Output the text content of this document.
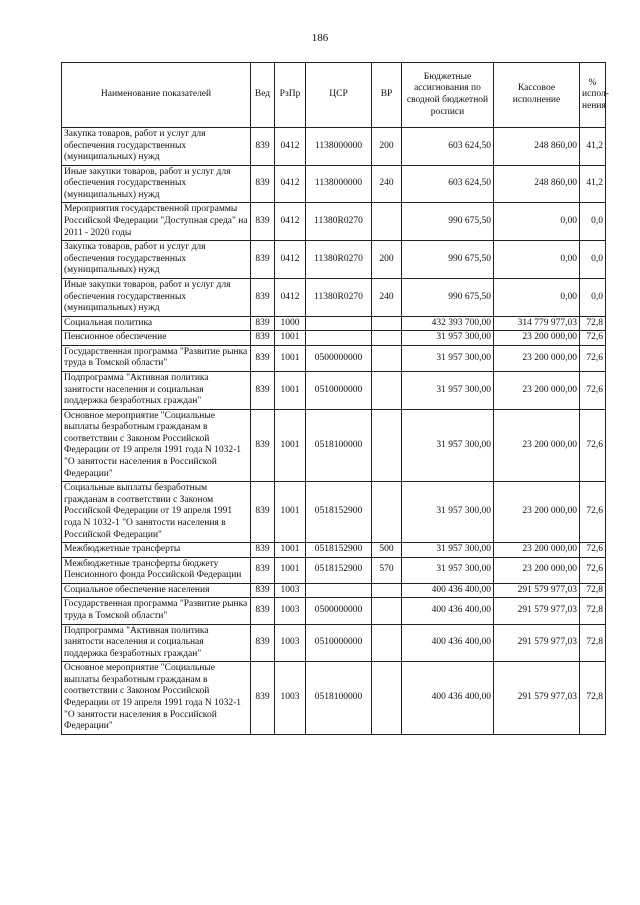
186
Наименование показателей	Вед	РзПр	ЦСР	ВР	Бюджетные ассигнования по сводной бюджетной росписи	Кассовое исполнение	% испол-нения
Закупка товаров, работ и услуг для обеспечения государственных (муниципальных) нужд	839	0412	1138000000	200	603 624,50	248 860,00	41,2
Иные закупки товаров, работ и услуг для обеспечения государственных (муниципальных) нужд	839	0412	1138000000	240	603 624,50	248 860,00	41,2
Мероприятия государственной программы Российской Федерации "Доступная среда" на 2011 - 2020 годы	839	0412	11380R0270		990 675,50	0,00	0,0
Закупка товаров, работ и услуг для обеспечения государственных (муниципальных) нужд	839	0412	11380R0270	200	990 675,50	0,00	0,0
Иные закупки товаров, работ и услуг для обеспечения государственных (муниципальных) нужд	839	0412	11380R0270	240	990 675,50	0,00	0,0
Социальная политика	839	1000			432 393 700,00	314 779 977,03	72,8
Пенсионное обеспечение	839	1001			31 957 300,00	23 200 000,00	72,6
Государственная программа "Развитие рынка труда в Томской области"	839	1001	0500000000		31 957 300,00	23 200 000,00	72,6
Подпрограмма "Активная политика занятости населения и социальная поддержка безработных граждан"	839	1001	0510000000		31 957 300,00	23 200 000,00	72,6
Основное мероприятие "Социальные выплаты безработным гражданам в соответствии с Законом Российской Федерации от 19 апреля 1991 года N 1032-1 "О занятости населения в Российской Федерации"	839	1001	0518100000		31 957 300,00	23 200 000,00	72,6
Социальные выплаты безработным гражданам в соответствии с Законом Российской Федерации от 19 апреля 1991 года N 1032-1 "О занятости населения в Российской Федерации"	839	1001	0518152900		31 957 300,00	23 200 000,00	72,6
Межбюджетные трансферты	839	1001	0518152900	500	31 957 300,00	23 200 000,00	72,6
Межбюджетные трансферты бюджету Пенсионного фонда Российской Федерации	839	1001	0518152900	570	31 957 300,00	23 200 000,00	72,6
Социальное обеспечение населения	839	1003			400 436 400,00	291 579 977,03	72,8
Государственная программа "Развитие рынка труда в Томской области"	839	1003	0500000000		400 436 400,00	291 579 977,03	72,8
Подпрограмма "Активная политика занятости населения и социальная поддержка безработных граждан"	839	1003	0510000000		400 436 400,00	291 579 977,03	72,8
Основное мероприятие "Социальные выплаты безработным гражданам в соответствии с Законом Российской Федерации от 19 апреля 1991 года N 1032-1 "О занятости населения в Российской Федерации"	839	1003	0518100000		400 436 400,00	291 579 977,03	72,8
